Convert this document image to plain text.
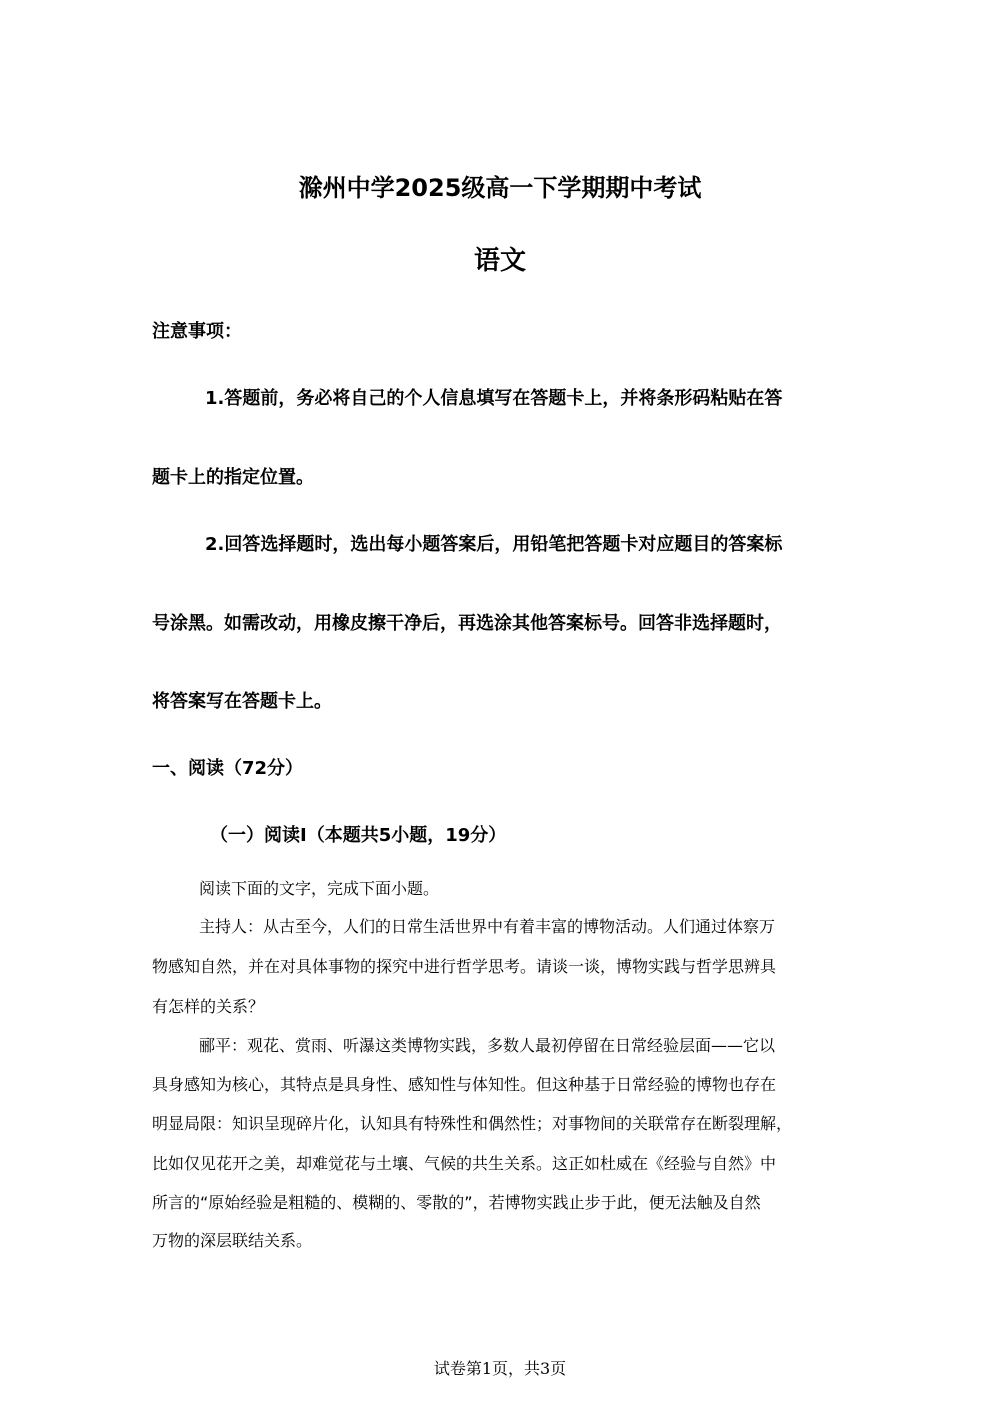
滁州中学2025级高一下学期期中考试
语文
注意事项：
1.答题前，务必将自己的个人信息填写在答题卡上，并将条形码粘贴在答
题卡上的指定位置。
2.回答选择题时，选出每小题答案后，用铅笔把答题卡对应题目的答案标
号涂黑。如需改动，用橡皮擦干净后，再选涂其他答案标号。回答非选择题时，
将答案写在答题卡上。
一、阅读（72分）
（一）阅读Ⅰ（本题共5小题，19分）
阅读下面的文字，完成下面小题。
主持人：从古至今，人们的日常生活世界中有着丰富的博物活动。人们通过体察万
物感知自然，并在对具体事物的探究中进行哲学思考。请谈一谈，博物实践与哲学思辨具
有怎样的关系？
郦平：观花、赏雨、听瀑这类博物实践，多数人最初停留在日常经验层面——它以
具身感知为核心，其特点是具身性、感知性与体知性。但这种基于日常经验的博物也存在
明显局限：知识呈现碎片化，认知具有特殊性和偶然性；对事物间的关联常存在断裂理解，
比如仅见花开之美，却难觉花与土壤、气候的共生关系。这正如杜威在《经验与自然》中
所言的“原始经验是粗糙的、模糊的、零散的”，若博物实践止步于此，便无法触及自然
万物的深层联结关系。
试卷第1页，共3页
